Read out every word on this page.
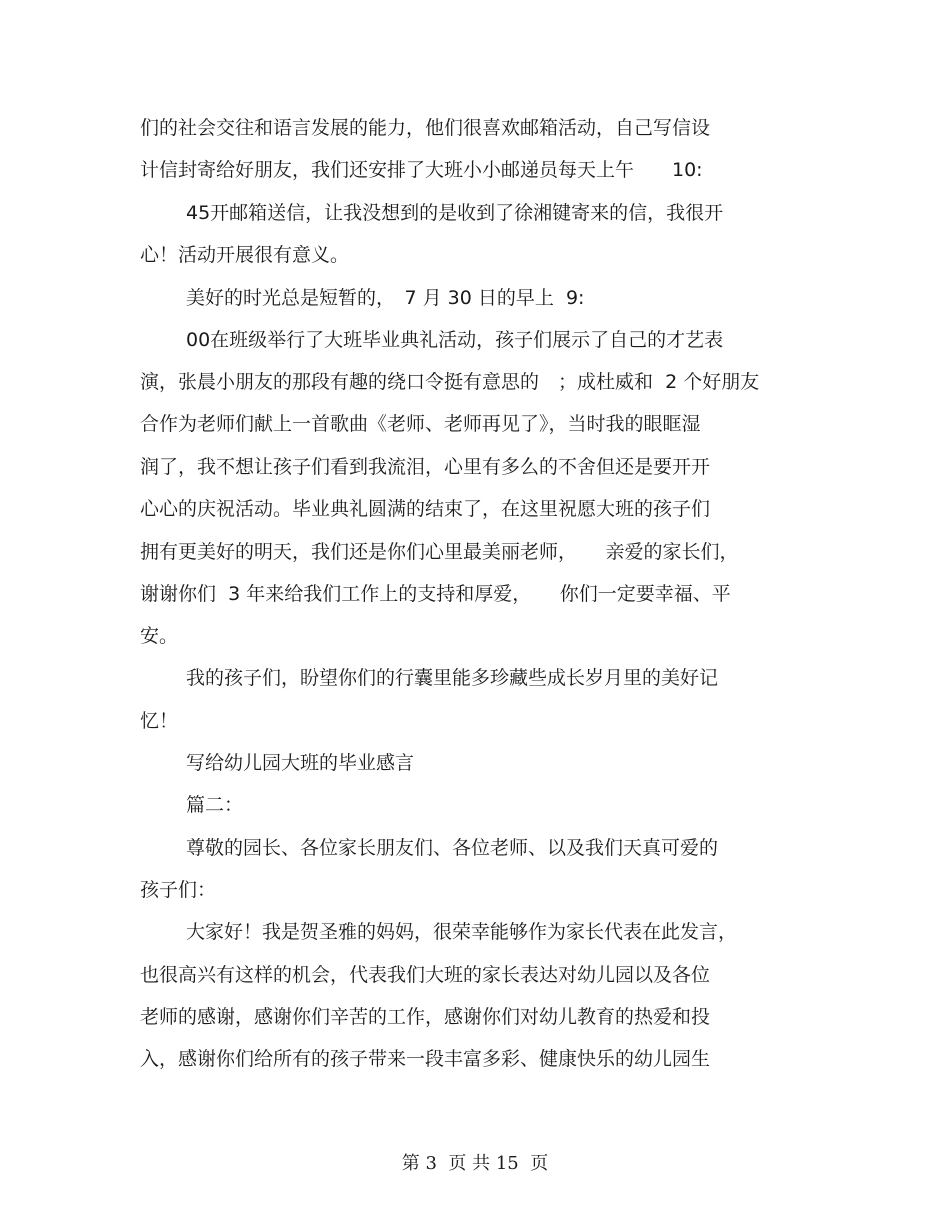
们的社会交往和语言发展的能力，他们很喜欢邮箱活动，自己写信设
计信封寄给好朋友，我们还安排了大班小小邮递员每天上午　　10:
45开邮箱送信，让我没想到的是收到了徐湘键寄来的信，我很开
心！活动开展很有意义。
美好的时光总是短暂的，　7 月 30 日的早上  9:
00在班级举行了大班毕业典礼活动，孩子们展示了自己的才艺表
演，张晨小朋友的那段有趣的绕口令挺有意思的　；成杜威和  2 个好朋友
合作为老师们献上一首歌曲《老师、老师再见了》，当时我的眼眶湿
润了，我不想让孩子们看到我流泪，心里有多么的不舍但还是要开开
心心的庆祝活动。毕业典礼圆满的结束了，在这里祝愿大班的孩子们
拥有更美好的明天，我们还是你们心里最美丽老师，　　亲爱的家长们，
谢谢你们  3 年来给我们工作上的支持和厚爱，　　你们一定要幸福、平
安。
我的孩子们，盼望你们的行囊里能多珍藏些成长岁月里的美好记
忆！
写给幼儿园大班的毕业感言
篇二：
尊敬的园长、各位家长朋友们、各位老师、以及我们天真可爱的
孩子们：
大家好！我是贺圣雅的妈妈，很荣幸能够作为家长代表在此发言，
也很高兴有这样的机会，代表我们大班的家长表达对幼儿园以及各位
老师的感谢，感谢你们辛苦的工作，感谢你们对幼儿教育的热爱和投
入，感谢你们给所有的孩子带来一段丰富多彩、健康快乐的幼儿园生
第 3  页 共 15  页
